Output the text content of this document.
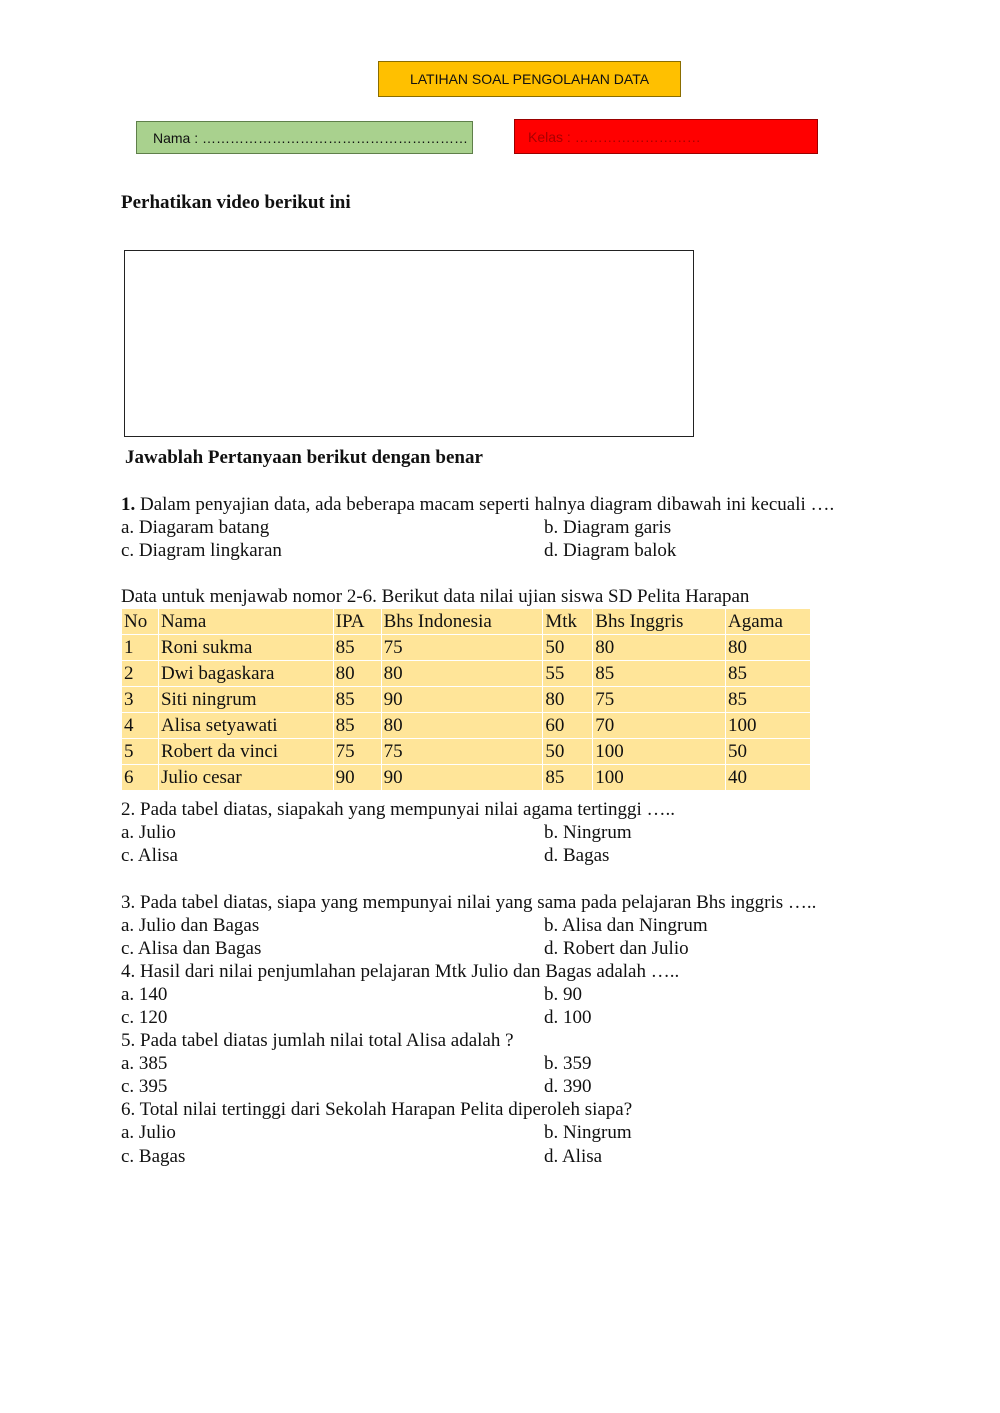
LATIHAN SOAL PENGOLAHAN DATA
Nama : …………………………………………………	Kelas : ………………………
Perhatikan video berikut ini
Jawablah Pertanyaan berikut dengan benar
1. Dalam penyajian data, ada beberapa macam seperti halnya diagram dibawah ini kecuali ….
a. Diagaram batang	b. Diagram garis
c. Diagram lingkaran	d. Diagram balok
Data untuk menjawab nomor 2-6. Berikut data nilai ujian siswa SD Pelita Harapan
No	Nama	IPA	Bhs Indonesia	Mtk	Bhs Inggris	Agama
1	Roni sukma	85	75	50	80	80
2	Dwi bagaskara	80	80	55	85	85
3	Siti ningrum	85	90	80	75	85
4	Alisa setyawati	85	80	60	70	100
5	Robert da vinci	75	75	50	100	50
6	Julio cesar	90	90	85	100	40
2. Pada tabel diatas, siapakah yang mempunyai nilai agama tertinggi …..
a. Julio	b. Ningrum
c. Alisa	d. Bagas
3. Pada tabel diatas, siapa yang mempunyai nilai yang sama pada pelajaran Bhs inggris …..
a. Julio dan Bagas	b. Alisa dan Ningrum
c. Alisa dan Bagas	d. Robert dan Julio
4. Hasil dari nilai penjumlahan pelajaran Mtk Julio dan Bagas adalah …..
a. 140	b. 90
c. 120	d. 100
5. Pada tabel diatas jumlah nilai total Alisa adalah ?
a. 385	b. 359
c. 395	d. 390
6. Total nilai tertinggi dari Sekolah Harapan Pelita diperoleh siapa?
a. Julio	b. Ningrum
c. Bagas	d. Alisa
